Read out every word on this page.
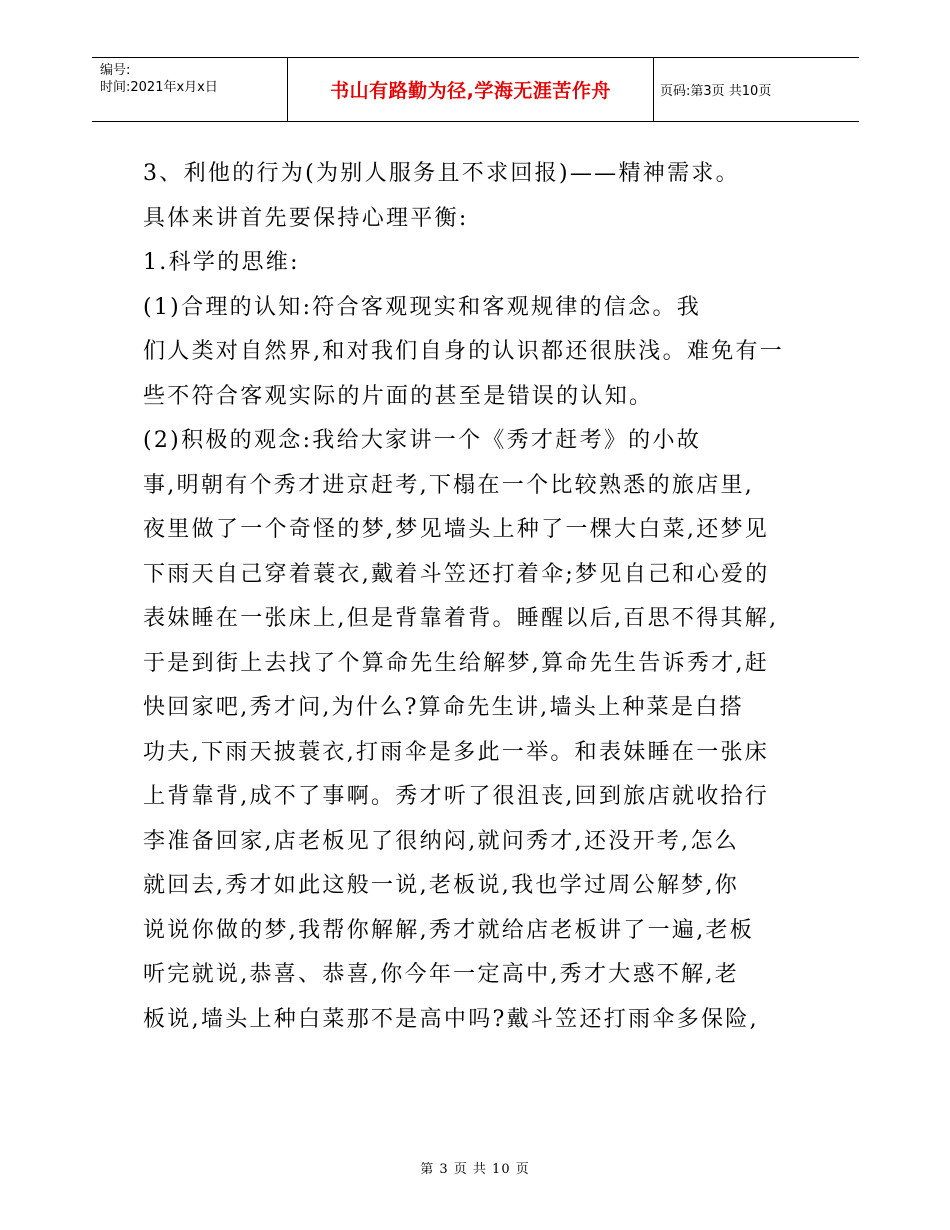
编号:
时间:2021年x月x日	书山有路勤为径,学海无涯苦作舟	页码:第3页 共10页
3、利他的行为(为别人服务且不求回报)——精神需求。
具体来讲首先要保持心理平衡:
1.科学的思维:
(1)合理的认知:符合客观现实和客观规律的信念。我
们人类对自然界,和对我们自身的认识都还很肤浅。难免有一
些不符合客观实际的片面的甚至是错误的认知。
(2)积极的观念:我给大家讲一个《秀才赶考》的小故
事,明朝有个秀才进京赶考,下榻在一个比较熟悉的旅店里,
夜里做了一个奇怪的梦,梦见墙头上种了一棵大白菜,还梦见
下雨天自己穿着蓑衣,戴着斗笠还打着伞;梦见自己和心爱的
表妹睡在一张床上,但是背靠着背。睡醒以后,百思不得其解,
于是到街上去找了个算命先生给解梦,算命先生告诉秀才,赶
快回家吧,秀才问,为什么?算命先生讲,墙头上种菜是白搭
功夫,下雨天披蓑衣,打雨伞是多此一举。和表妹睡在一张床
上背靠背,成不了事啊。秀才听了很沮丧,回到旅店就收拾行
李准备回家,店老板见了很纳闷,就问秀才,还没开考,怎么
就回去,秀才如此这般一说,老板说,我也学过周公解梦,你
说说你做的梦,我帮你解解,秀才就给店老板讲了一遍,老板
听完就说,恭喜、恭喜,你今年一定高中,秀才大惑不解,老
板说,墙头上种白菜那不是高中吗?戴斗笠还打雨伞多保险,
第 3 页 共 10 页
